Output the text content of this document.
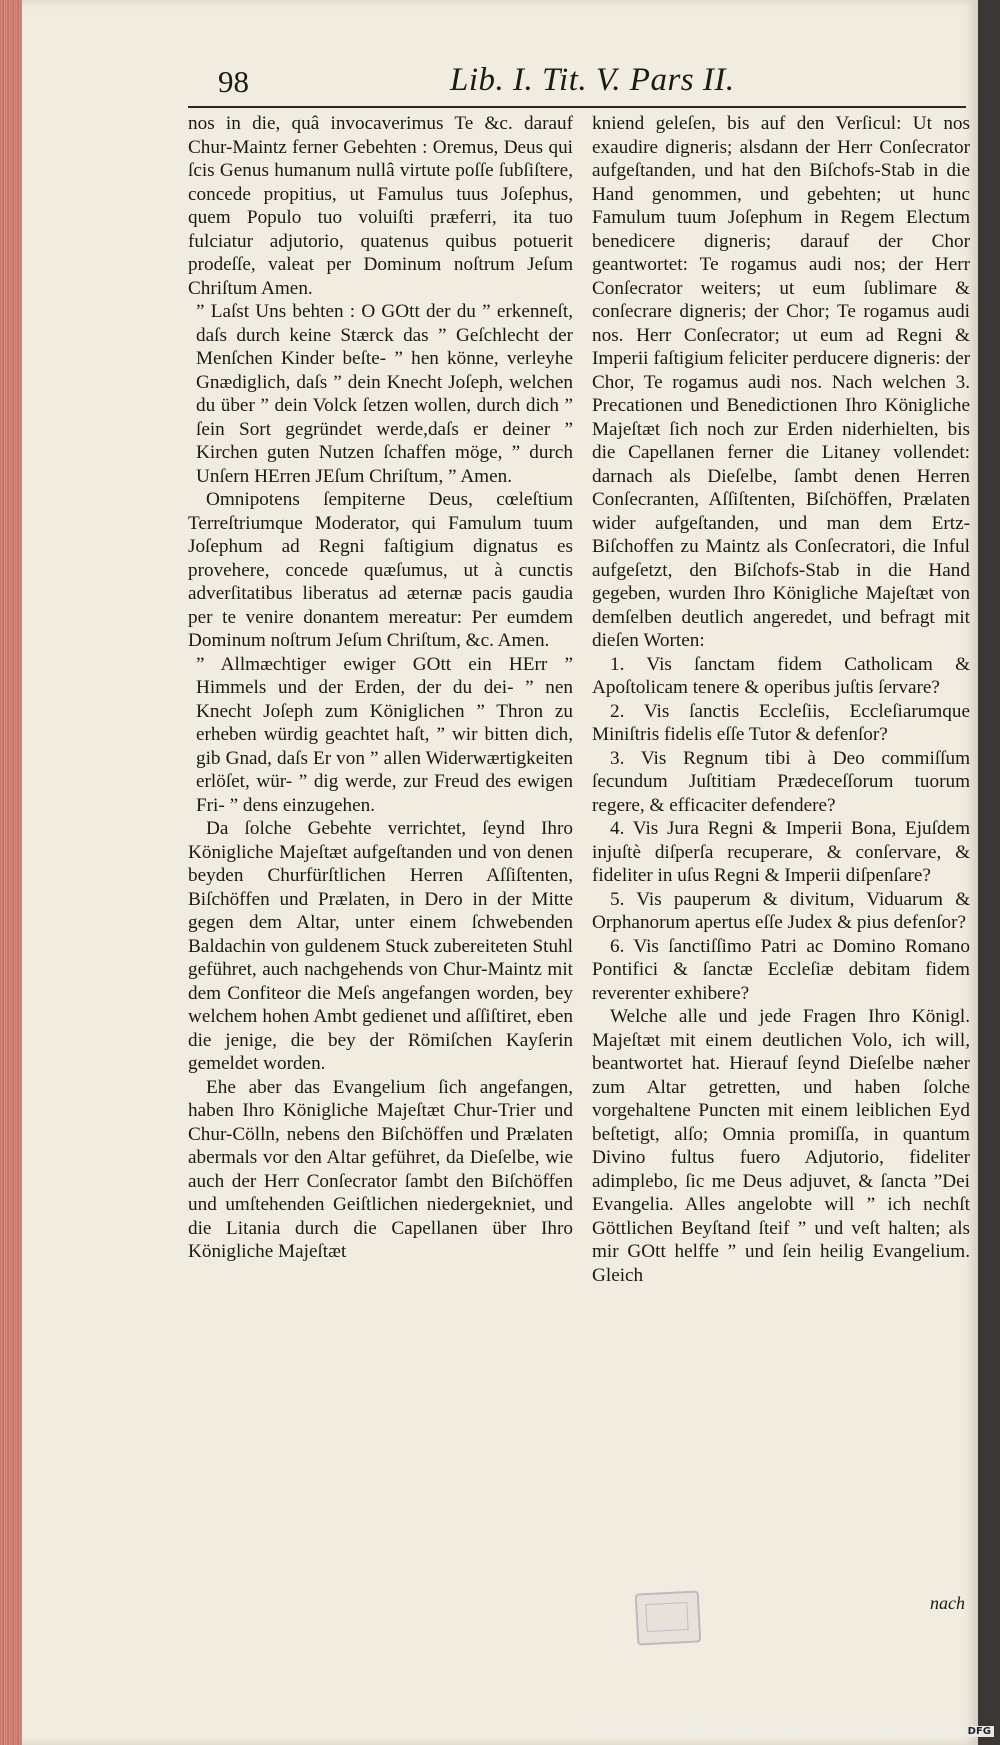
98	Lib. I. Tit. V. Pars II.

nos in die, quâ invocaverimus Te &c. darauf Chur-Maintz ferner Gebehten : Oremus, Deus qui ſcis Genus humanum nullâ virtute poſſe ſubſiſtere, concede propitius, ut Famulus tuus Joſephus, quem Populo tuo voluiſti præferri, ita tuo fulciatur adjutorio, quatenus quibus potuerit prodeſſe, valeat per Dominum noſtrum Jeſum Chriſtum Amen.

” Laſst Uns behten : O GOtt der du ” erkenneſt, daſs durch keine Stærck das ” Geſchlecht der Menſchen Kinder beſte- ” hen könne, verleyhe Gnædiglich, daſs ” dein Knecht Joſeph, welchen du über ” dein Volck ſetzen wollen, durch dich ” ſein Sort gegründet werde,daſs er deiner ” Kirchen guten Nutzen ſchaffen möge, ” durch Unſern HErren JEſum Chriſtum, ” Amen.

Omnipotens ſempiterne Deus, cœleſtium Terreſtriumque Moderator, qui Famulum tuum Joſephum ad Regni faſtigium dignatus es provehere, concede quæſumus, ut à cunctis adverſitatibus liberatus ad æternæ pacis gaudia per te venire donantem mereatur: Per eumdem Dominum noſtrum Jeſum Chriſtum, &c. Amen.

” Allmæchtiger ewiger GOtt ein HErr ” Himmels und der Erden, der du dei- ” nen Knecht Joſeph zum Königlichen ” Thron zu erheben würdig geachtet haſt, ” wir bitten dich, gib Gnad, daſs Er von ” allen Widerwærtigkeiten erlöſet, wür- ” dig werde, zur Freud des ewigen Fri- ” dens einzugehen.

Da ſolche Gebehte verrichtet, ſeynd Ihro Königliche Majeſtæt aufgeſtanden und von denen beyden Churfürſtlichen Herren Aſſiſtenten, Biſchöffen und Prælaten, in Dero in der Mitte gegen dem Altar, unter einem ſchwebenden Baldachin von guldenem Stuck zubereiteten Stuhl geführet, auch nachgehends von Chur-Maintz mit dem Confiteor die Meſs angefangen worden, bey welchem hohen Ambt gedienet und aſſiſtiret, eben die jenige, die bey der Römiſchen Kayſerin gemeldet worden.

Ehe aber das Evangelium ſich angefangen, haben Ihro Königliche Majeſtæt Chur-Trier und Chur-Cölln, nebens den Biſchöffen und Prælaten abermals vor den Altar geführet, da Dieſelbe, wie auch der Herr Conſecrator ſambt den Biſchöffen und umſtehenden Geiſtlichen niedergekniet, und die Litania durch die Capellanen über Ihro Königliche Majeſtæt

kniend geleſen, bis auf den Verſicul: Ut nos exaudire digneris; alsdann der Herr Conſecrator aufgeſtanden, und hat den Biſchofs-Stab in die Hand genommen, und gebehten; ut hunc Famulum tuum Joſephum in Regem Electum benedicere digneris; darauf der Chor geantwortet: Te rogamus audi nos; der Herr Conſecrator weiters; ut eum ſublimare & conſecrare digneris; der Chor; Te rogamus audi nos. Herr Conſecrator; ut eum ad Regni & Imperii faſtigium feliciter perducere digneris: der Chor, Te rogamus audi nos. Nach welchen 3. Precationen und Benedictionen Ihro Königliche Majeſtæt ſich noch zur Erden niderhielten, bis die Capellanen ferner die Litaney vollendet: darnach als Dieſelbe, ſambt denen Herren Conſecranten, Aſſiſtenten, Biſchöffen, Prælaten wider aufgeſtanden, und man dem Ertz-Biſchoffen zu Maintz als Conſecratori, die Inful aufgeſetzt, den Biſchofs-Stab in die Hand gegeben, wurden Ihro Königliche Majeſtæt von demſelben deutlich angeredet, und befragt mit dieſen Worten:

1. Vis ſanctam fidem Catholicam & Apoſtolicam tenere & operibus juſtis ſervare?

2. Vis ſanctis Eccleſiis, Eccleſiarumque Miniſtris fidelis eſſe Tutor & defenſor?

3. Vis Regnum tibi à Deo commiſſum ſecundum Juſtitiam Prædeceſſorum tuorum regere, & efficaciter defendere?

4. Vis Jura Regni & Imperii Bona, Ejuſdem injuſtè diſperſa recuperare, & conſervare, & fideliter in uſus Regni & Imperii diſpenſare?

5. Vis pauperum & divitum, Viduarum & Orphanorum apertus eſſe Judex & pius defenſor?

6. Vis ſanctiſſimo Patri ac Domino Romano Pontifici & ſanctæ Eccleſiæ debitam fidem reverenter exhibere?

Welche alle und jede Fragen Ihro Königl. Majeſtæt mit einem deutlichen Volo, ich will, beantwortet hat. Hierauf ſeynd Dieſelbe næher zum Altar getretten, und haben ſolche vorgehaltene Puncten mit einem leiblichen Eyd beſtetigt, alſo; Omnia promiſſa, in quantum Divino fultus fuero Adjutorio, fideliter adimplebo, ſic me Deus adjuvet, & ſancta ”Dei Evangelia. Alles angelobte will ” ich nechſt Göttlichen Beyſtand ſteif ” und veſt halten; als mir GOtt helffe ” und ſein heilig Evangelium. Gleich

nach
Digitalisierung gefördert durch die Deutsche Forschungsgemeinschaft DFG
